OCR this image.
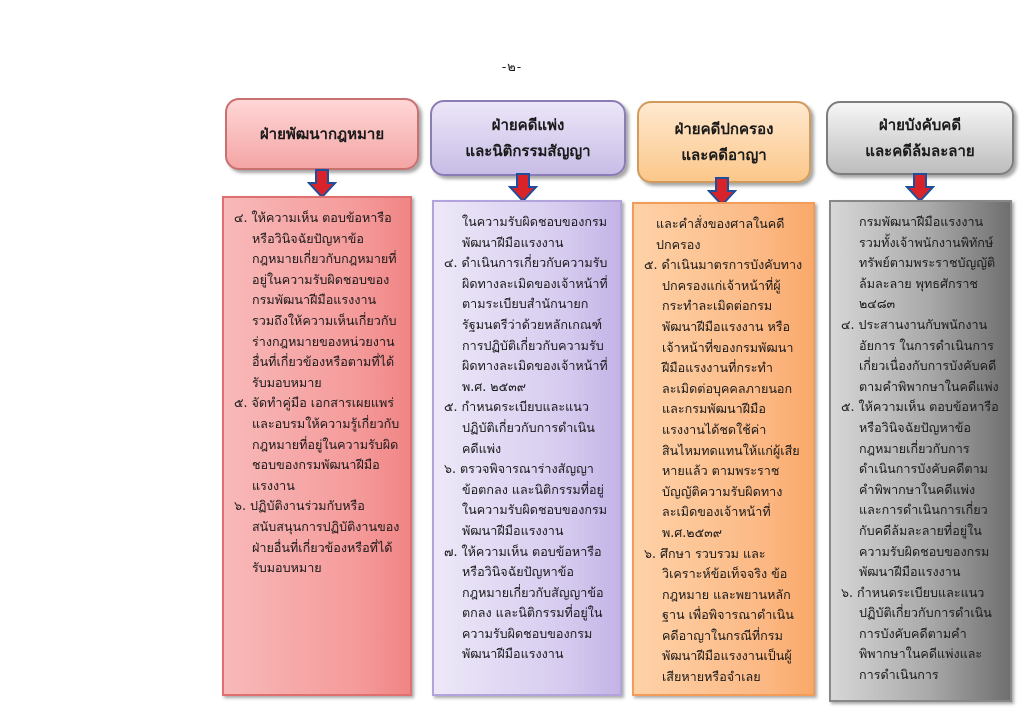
-๒-
ฝ่ายพัฒนากฎหมาย

๔. ให้ความเห็น ตอบข้อหารือ หรือวินิจฉัยปัญหาข้อกฎหมายเกี่ยวกับกฎหมายที่อยู่ในความรับผิดชอบของกรมพัฒนาฝีมือแรงงาน รวมถึงให้ความเห็นเกี่ยวกับร่างกฎหมายของหน่วยงานอื่นที่เกี่ยวข้องหรือตามที่ได้รับมอบหมาย

๕. จัดทำคู่มือ เอกสารเผยแพร่ และอบรมให้ความรู้เกี่ยวกับกฎหมายที่อยู่ในความรับผิดชอบของกรมพัฒนาฝีมือแรงงาน

๖. ปฏิบัติงานร่วมกับหรือสนับสนุนการปฏิบัติงานของฝ่ายอื่นที่เกี่ยวข้องหรือที่ได้รับมอบหมาย

ฝ่ายคดีแพ่ง
และนิติกรรมสัญญา

ในความรับผิดชอบของกรมพัฒนาฝีมือแรงงาน

๔. ดำเนินการเกี่ยวกับความรับผิดทางละเมิดของเจ้าหน้าที่ตามระเบียบสำนักนายกรัฐมนตรีว่าด้วยหลักเกณฑ์การปฏิบัติเกี่ยวกับความรับผิดทางละเมิดของเจ้าหน้าที่ พ.ศ. ๒๕๓๙

๕. กำหนดระเบียบและแนวปฏิบัติเกี่ยวกับการดำเนินคดีแพ่ง

๖. ตรวจพิจารณาร่างสัญญาข้อตกลง และนิติกรรมที่อยู่ในความรับผิดชอบของกรมพัฒนาฝีมือแรงงาน

๗. ให้ความเห็น ตอบข้อหารือ หรือวินิจฉัยปัญหาข้อกฎหมายเกี่ยวกับสัญญาข้อตกลง และนิติกรรมที่อยู่ในความรับผิดชอบของกรมพัฒนาฝีมือแรงงาน

ฝ่ายคดีปกครอง
และคดีอาญา

และคำสั่งของศาลในคดีปกครอง

๕. ดำเนินมาตรการบังคับทางปกครองแก่เจ้าหน้าที่ผู้กระทำละเมิดต่อกรมพัฒนาฝีมือแรงงาน หรือเจ้าหน้าที่ของกรมพัฒนาฝีมือแรงงานที่กระทำละเมิดต่อบุคคลภายนอกและกรมพัฒนาฝีมือแรงงานได้ชดใช้ค่าสินไหมทดแทนให้แก่ผู้เสียหายแล้ว ตามพระราชบัญญัติความรับผิดทางละเมิดของเจ้าหน้าที่ พ.ศ.๒๕๓๙

๖. ศึกษา รวบรวม และวิเคราะห์ข้อเท็จจริง ข้อกฎหมาย และพยานหลักฐาน เพื่อพิจารณาดำเนินคดีอาญาในกรณีที่กรมพัฒนาฝีมือแรงงานเป็นผู้เสียหายหรือจำเลย

ฝ่ายบังคับคดี
และคดีล้มละลาย

กรมพัฒนาฝีมือแรงงาน รวมทั้งเจ้าพนักงานพิทักษ์ทรัพย์ตามพระราชบัญญัติล้มละลาย พุทธศักราช ๒๔๘๓

๔. ประสานงานกับพนักงานอัยการ ในการดำเนินการเกี่ยวเนื่องกับการบังคับคดีตามคำพิพากษาในคดีแพ่ง

๕. ให้ความเห็น ตอบข้อหารือ หรือวินิจฉัยปัญหาข้อกฎหมายเกี่ยวกับการดำเนินการบังคับคดีตามคำพิพากษาในคดีแพ่ง และการดำเนินการเกี่ยวกับคดีล้มละลายที่อยู่ในความรับผิดชอบของกรมพัฒนาฝีมือแรงงาน

๖. กำหนดระเบียบและแนวปฏิบัติเกี่ยวกับการดำเนินการบังคับคดีตามคำพิพากษาในคดีแพ่งและการดำเนินการ
